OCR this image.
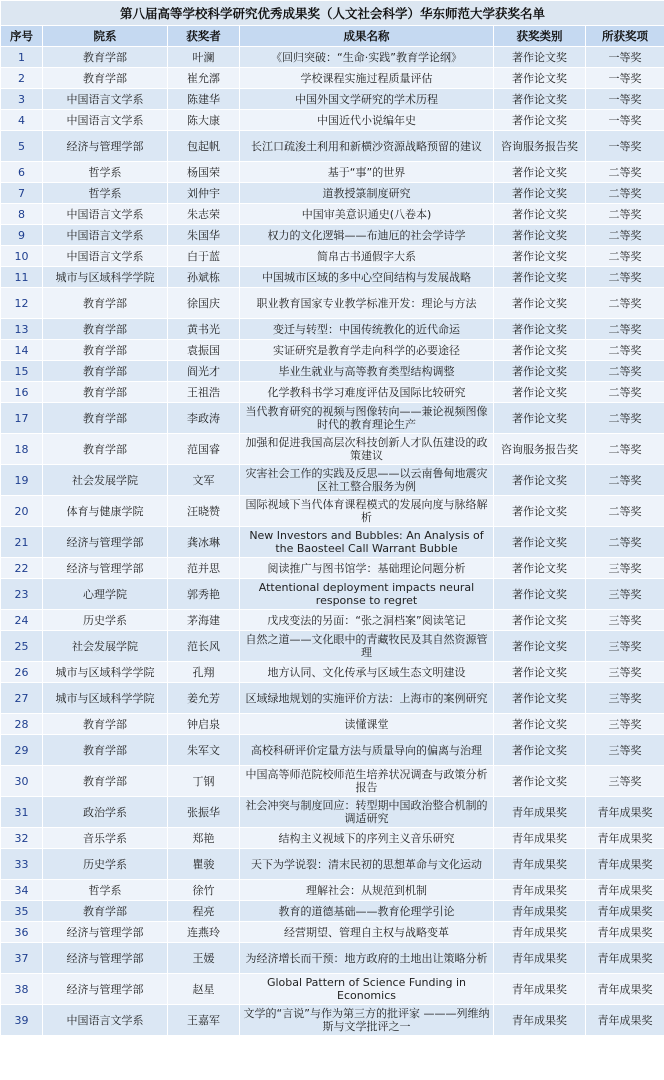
第八届高等学校科学研究优秀成果奖（人文社会科学）华东师范大学获奖名单					
序号	院系	获奖者	成果名称	获奖类别	所获奖项
1	教育学部	叶澜	《回归突破：“生命·实践”教育学论纲》	著作论文奖	一等奖
2	教育学部	崔允漷	学校课程实施过程质量评估	著作论文奖	一等奖
3	中国语言文学系	陈建华	中国外国文学研究的学术历程	著作论文奖	一等奖
4	中国语言文学系	陈大康	中国近代小说编年史	著作论文奖	一等奖
5	经济与管理学部	包起帆	长江口疏浚土利用和新横沙资源战略预留的建议	咨询服务报告奖	一等奖
6	哲学系	杨国荣	基于“事”的世界	著作论文奖	二等奖
7	哲学系	刘仲宇	道教授箓制度研究	著作论文奖	二等奖
8	中国语言文学系	朱志荣	中国审美意识通史(八卷本)	著作论文奖	二等奖
9	中国语言文学系	朱国华	权力的文化逻辑——布迪厄的社会学诗学	著作论文奖	二等奖
10	中国语言文学系	白于蓝	简帛古书通假字大系	著作论文奖	二等奖
11	城市与区域科学学院	孙斌栋	中国城市区域的多中心空间结构与发展战略	著作论文奖	二等奖
12	教育学部	徐国庆	职业教育国家专业教学标准开发：理论与方法	著作论文奖	二等奖
13	教育学部	黄书光	变迁与转型：中国传统教化的近代命运	著作论文奖	二等奖
14	教育学部	袁振国	实证研究是教育学走向科学的必要途径	著作论文奖	二等奖
15	教育学部	阎光才	毕业生就业与高等教育类型结构调整	著作论文奖	二等奖
16	教育学部	王祖浩	化学教科书学习难度评估及国际比较研究	著作论文奖	二等奖
17	教育学部	李政涛	当代教育研究的视频与图像转向——兼论视频图像时代的教育理论生产	著作论文奖	二等奖
18	教育学部	范国睿	加强和促进我国高层次科技创新人才队伍建设的政策建议	咨询服务报告奖	二等奖
19	社会发展学院	文军	灾害社会工作的实践及反思——以云南鲁甸地震灾区社工整合服务为例	著作论文奖	二等奖
20	体育与健康学院	汪晓赞	国际视域下当代体育课程模式的发展向度与脉络解析	著作论文奖	二等奖
21	经济与管理学部	龚冰琳	New Investors and Bubbles: An Analysis of the Baosteel Call Warrant Bubble	著作论文奖	二等奖
22	经济与管理学部	范并思	阅读推广与图书馆学：基础理论问题分析	著作论文奖	三等奖
23	心理学院	郭秀艳	Attentional deployment impacts neural response to regret	著作论文奖	三等奖
24	历史学系	茅海建	戊戌变法的另面：“张之洞档案”阅读笔记	著作论文奖	三等奖
25	社会发展学院	范长风	自然之道——文化眼中的青藏牧民及其自然资源管理	著作论文奖	三等奖
26	城市与区域科学学院	孔翔	地方认同、文化传承与区域生态文明建设	著作论文奖	三等奖
27	城市与区域科学学院	姜允芳	区域绿地规划的实施评价方法：上海市的案例研究	著作论文奖	三等奖
28	教育学部	钟启泉	读懂课堂	著作论文奖	三等奖
29	教育学部	朱军文	高校科研评价定量方法与质量导向的偏离与治理	著作论文奖	三等奖
30	教育学部	丁钢	中国高等师范院校师范生培养状况调查与政策分析报告	著作论文奖	三等奖
31	政治学系	张振华	社会冲突与制度回应：转型期中国政治整合机制的调适研究	青年成果奖	青年成果奖
32	音乐学系	郑艳	结构主义视域下的序列主义音乐研究	青年成果奖	青年成果奖
33	历史学系	瞿骏	天下为学说裂：清末民初的思想革命与文化运动	青年成果奖	青年成果奖
34	哲学系	徐竹	理解社会：从规范到机制	青年成果奖	青年成果奖
35	教育学部	程亮	教育的道德基础——教育伦理学引论	青年成果奖	青年成果奖
36	经济与管理学部	连燕玲	经营期望、管理自主权与战略变革	青年成果奖	青年成果奖
37	经济与管理学部	王媛	为经济增长而干预：地方政府的土地出让策略分析	青年成果奖	青年成果奖
38	经济与管理学部	赵星	Global Pattern of Science Funding in Economics	青年成果奖	青年成果奖
39	中国语言文学系	王嘉军	文学的“言说”与作为第三方的批评家 ———列维纳斯与文学批评之一	青年成果奖	青年成果奖
